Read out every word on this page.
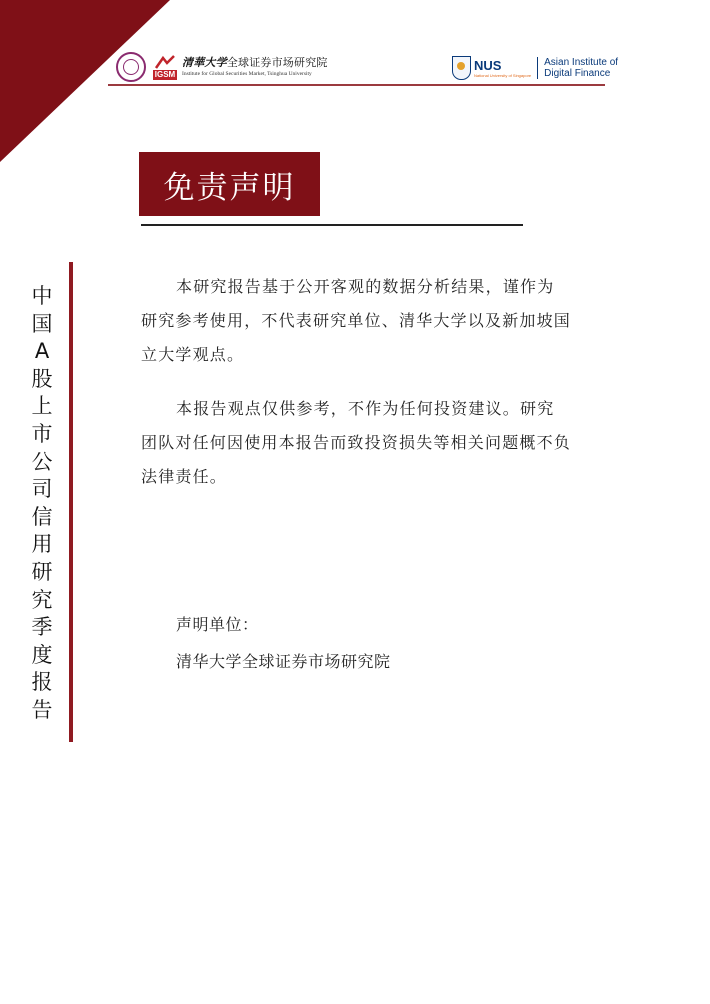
IGSM
清華大学全球证券市场研究院
Institute for Global Securities Market, Tsinghua University
NUS
National University of Singapore
Asian Institute of
Digital Finance
免责声明
中国A股上市公司信用研究季度报告

本研究报告基于公开客观的数据分析结果，谨作为研究参考使用，不代表研究单位、清华大学以及新加坡国立大学观点。

本报告观点仅供参考，不作为任何投资建议。研究团队对任何因使用本报告而致投资损失等相关问题概不负法律责任。

声明单位：
清华大学全球证券市场研究院
